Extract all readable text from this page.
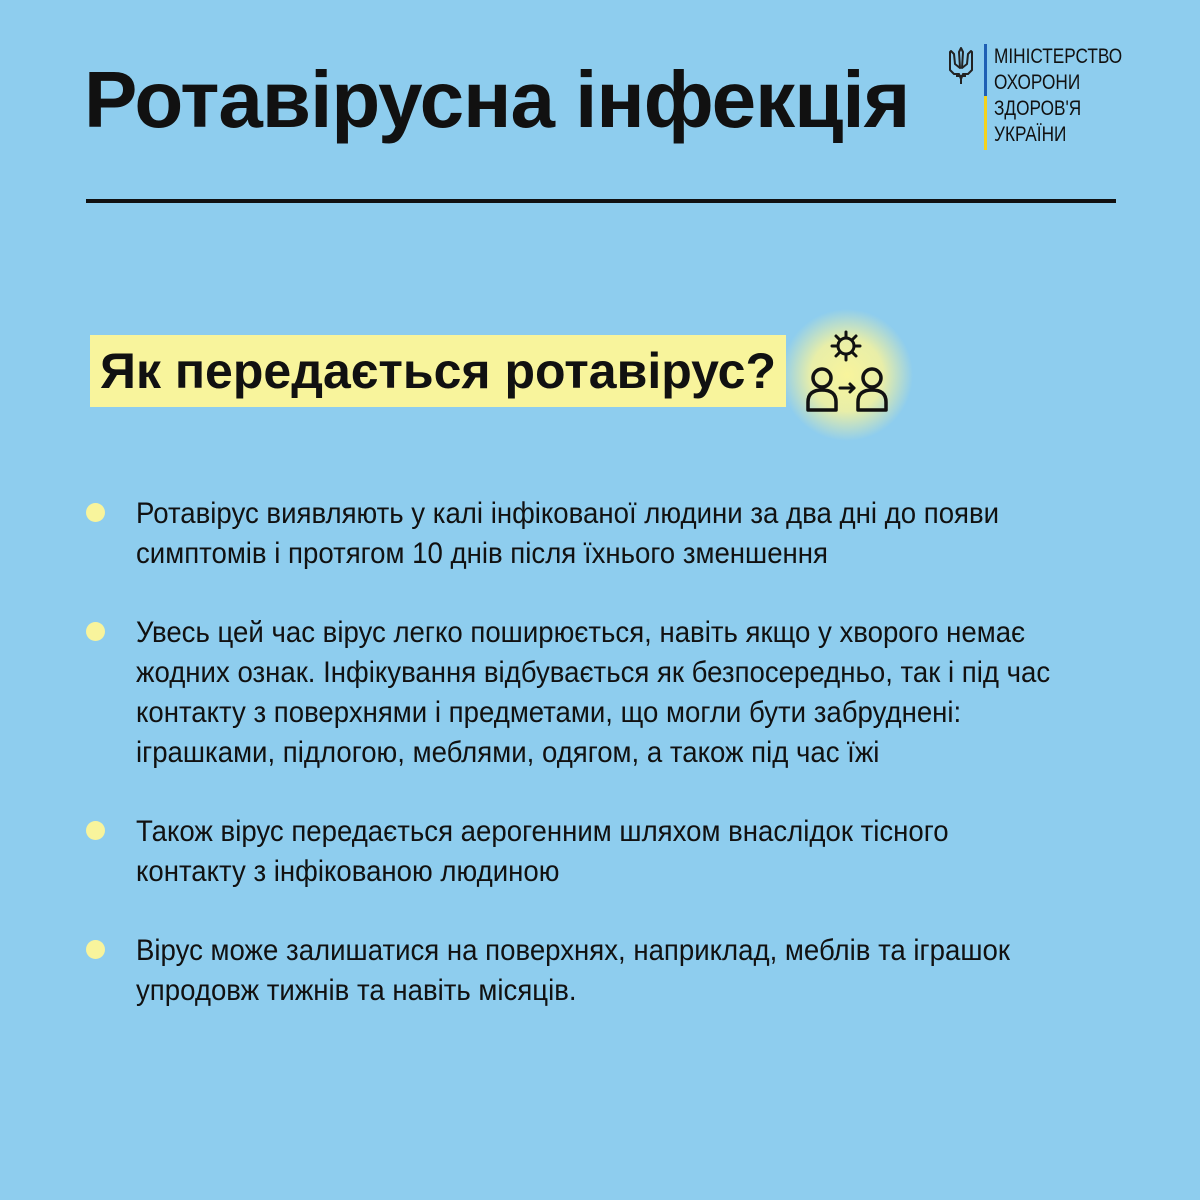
Ротавірусна інфекція	МІНІСТЕРСТВО
ОХОРОНИ
ЗДОРОВ'Я
УКРАЇНИ
Як передається ротавірус?
Ротавірус виявляють у калі інфікованої людини за два дні до появи симптомів і протягом 10 днів після їхнього зменшення
Увесь цей час вірус легко поширюється, навіть якщо у хворого немає жодних ознак. Інфікування відбувається як безпосередньо, так і під час контакту з поверхнями і предметами, що могли бути забруднені: іграшками, підлогою, меблями, одягом, а також під час їжі
Також вірус передається аерогенним шляхом внаслідок тісного контакту з інфікованою людиною
Вірус може залишатися на поверхнях, наприклад, меблів та іграшок упродовж тижнів та навіть місяців.
